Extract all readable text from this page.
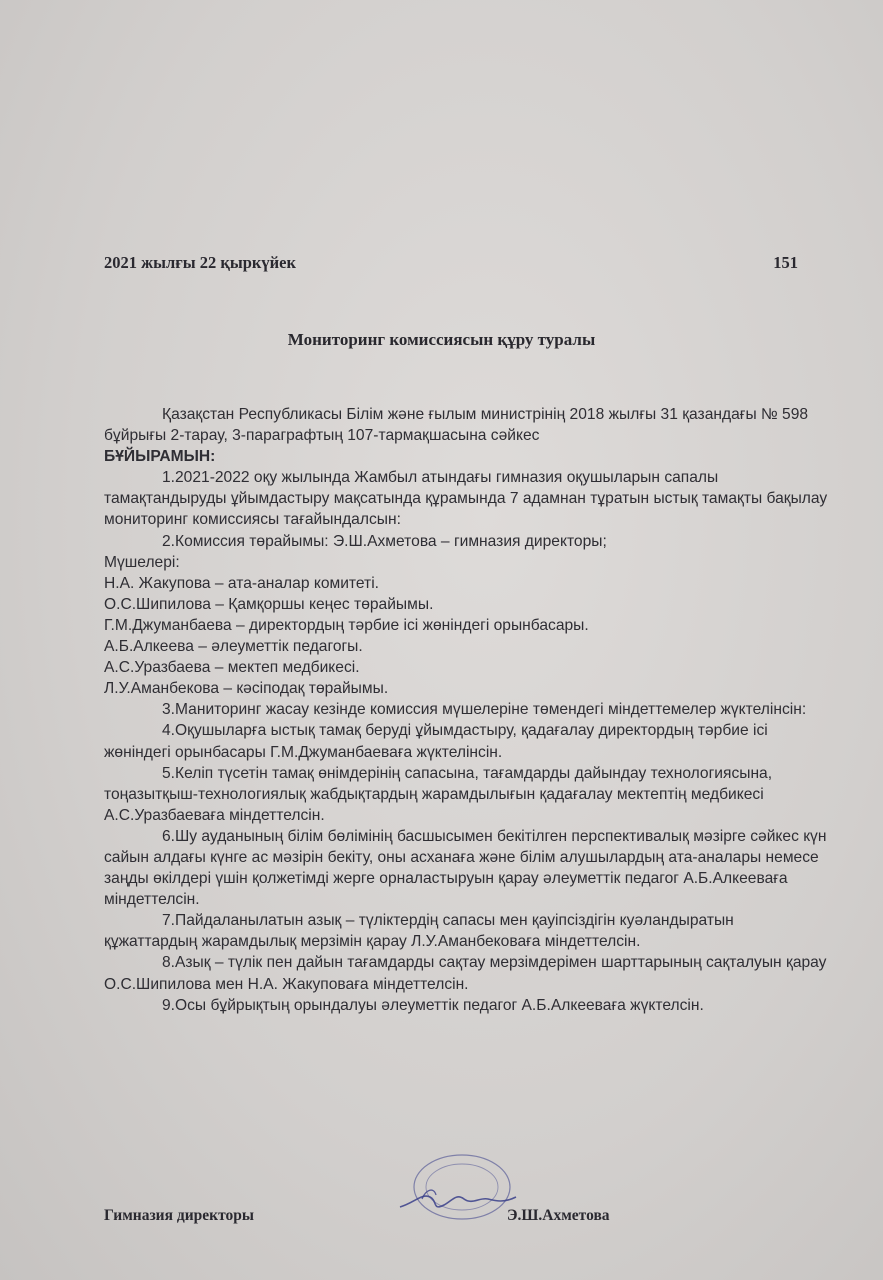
2021 жылғы 22 қыркүйек	151
Мониторинг комиссиясын құру туралы

Қазақстан Республикасы Білім және ғылым министрінің 2018 жылғы 31 қазандағы № 598 бұйрығы 2-тарау, 3-параграфтың 107-тармақшасына сәйкес

БҰЙЫРАМЫН:

1.2021-2022 оқу жылында Жамбыл атындағы гимназия оқушыларын сапалы тамақтандыруды ұйымдастыру мақсатында құрамында 7 адамнан тұратын ыстық тамақты бақылау мониторинг комиссиясы тағайындалсын:

2.Комиссия төрайымы: Э.Ш.Ахметова – гимназия директоры;

Мүшелері:

Н.А. Жакупова – ата-аналар комитеті.

О.С.Шипилова – Қамқоршы кеңес төрайымы.

Г.М.Джуманбаева – директордың тәрбие ісі жөніндегі орынбасары.

А.Б.Алкеева – әлеуметтік педагогы.

А.С.Уразбаева – мектеп медбикесі.

Л.У.Аманбекова – кәсіподақ төрайымы.

3.Маниторинг жасау кезінде комиссия мүшелеріне төмендегі міндеттемелер жүктелінсін:

4.Оқушыларға ыстық тамақ беруді ұйымдастыру, қадағалау директордың тәрбие ісі жөніндегі орынбасары Г.М.Джуманбаеваға жүктелінсін.

5.Келіп түсетін тамақ өнімдерінің сапасына, тағамдарды дайындау технологиясына, тоңазытқыш-технологиялық жабдықтардың жарамдылығын қадағалау мектептің медбикесі А.С.Уразбаеваға міндеттелсін.

6.Шу ауданының білім бөлімінің басшысымен бекітілген перспективалық мәзірге сәйкес күн сайын алдағы күнге ас мәзірін бекіту, оны асханаға және білім алушылардың ата-аналары немесе заңды өкілдері үшін қолжетімді жерге орналастыруын қарау әлеуметтік педагог А.Б.Алкееваға міндеттелсін.

7.Пайдаланылатын азық – түліктердің сапасы мен қауіпсіздігін куәландыратын құжаттардың жарамдылық мерзімін қарау Л.У.Аманбековаға міндеттелсін.

8.Азық – түлік пен дайын тағамдарды сақтау мерзімдерімен шарттарының сақталуын қарау О.С.Шипилова мен Н.А. Жакуповаға міндеттелсін.

9.Осы бұйрықтың орындалуы әлеуметтік педагог А.Б.Алкееваға жүктелсін.

Гимназия директоры	Э.Ш.Ахметова
